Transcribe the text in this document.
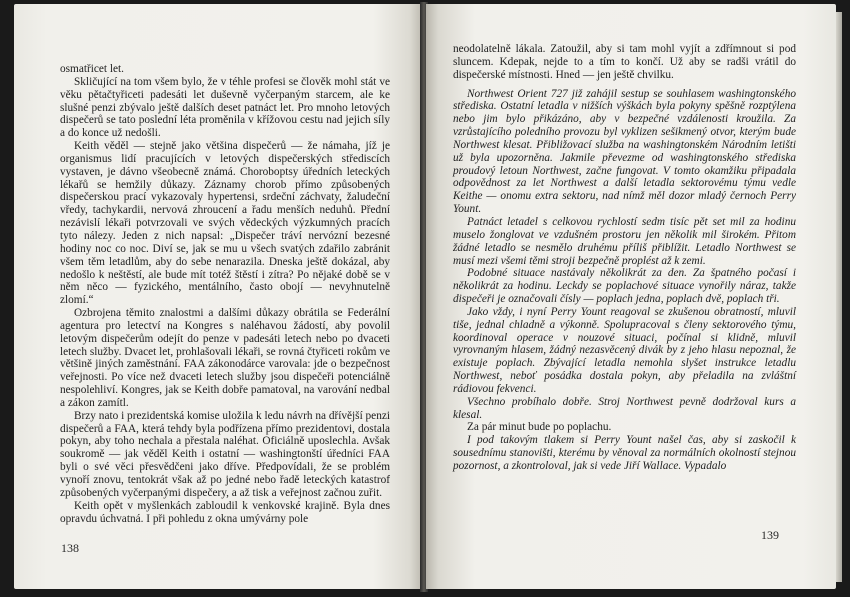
osmatřicet let.

Skličující na tom všem bylo, že v téhle profesi se člověk mohl stát ve věku pětačtyřiceti padesáti let duševně vyčerpaným starcem, ale ke slušné penzi zbývalo ještě dalších deset patnáct let. Pro mnoho letových dispečerů se tato poslední léta proměnila v křížovou cestu nad jejich síly a do konce už nedošli.

Keith věděl — stejně jako většina dispečerů — že námaha, jíž je organismus lidí pracujících v letových dispečerských střediscích vystaven, je dávno všeobecně známá. Choroboptsy úředních leteckých lékařů se hemžily důkazy. Záznamy chorob přímo způsobených dispečerskou prací vykazovaly hypertensi, srdeční záchvaty, žaludeční vředy, tachykardii, nervová zhroucení a řadu menších neduhů. Přední nezávislí lékaři potvrzovali ve svých vědeckých výzkumných pracích tyto nálezy. Jeden z nich napsal: „Dispečer tráví nervózní bezesné hodiny noc co noc. Diví se, jak se mu u všech svatých zdařilo zabránit všem těm letadlům, aby do sebe nenarazila. Dneska ještě dokázal, aby nedošlo k neštěstí, ale bude mít totéž štěstí i zítra? Po nějaké době se v něm něco — fyzického, mentálního, často obojí — nevyhnutelně zlomí.“

Ozbrojena těmito znalostmi a dalšími důkazy obrátila se Federální agentura pro letectví na Kongres s naléhavou žádostí, aby povolil letovým dispečerům odejít do penze v padesáti letech nebo po dvaceti letech služby. Dvacet let, prohlašovali lékaři, se rovná čtyřiceti rokům ve většině jiných zaměstnání. FAA zákonodárce varovala: jde o bezpečnost veřejnosti. Po více než dvaceti letech služby jsou dispečeři potenciálně nespolehliví. Kongres, jak se Keith dobře pamatoval, na varování nedbal a zákon zamítl.

Brzy nato i prezidentská komise uložila k ledu návrh na dřívější penzi dispečerů a FAA, která tehdy byla podřízena přímo prezidentovi, dostala pokyn, aby toho nechala a přestala naléhat. Oficiálně uposlechla. Avšak soukromě — jak věděl Keith i ostatní — washingtonští úředníci FAA byli o své věci přesvědčeni jako dříve. Předpovídali, že se problém vynoří znovu, tentokrát však až po jedné nebo řadě leteckých katastrof způsobených vyčerpanými dispečery, a až tisk a veřejnost začnou zuřit.

Keith opět v myšlenkách zabloudil k venkovské krajině. Byla dnes opravdu úchvatná. I při pohledu z okna umývárny pole

138

neodolatelně lákala. Zatoužil, aby si tam mohl vyjít a zdřímnout si pod sluncem. Kdepak, nejde to a tím to končí. Už aby se radši vrátil do dispečerské místnosti. Hned — jen ještě chvilku.

Northwest Orient 727 již zahájil sestup se souhlasem washingtonského střediska. Ostatní letadla v nižších výškách byla pokyny spěšně rozptýlena nebo jim bylo přikázáno, aby v bezpečné vzdálenosti kroužila. Za vzrůstajícího poledního provozu byl vyklizen sešikmený otvor, kterým bude Northwest klesat. Přibližovací služba na washingtonském Národním letišti už byla upozorněna. Jakmile převezme od washingtonského střediska proudový letoun Northwest, začne fungovat. V tomto okamžiku připadala odpovědnost za let Northwest a další letadla sektorovému týmu vedle Keithe — onomu extra sektoru, nad nímž měl dozor mladý černoch Perry Yount.

Patnáct letadel s celkovou rychlostí sedm tisíc pět set mil za hodinu muselo žonglovat ve vzdušném prostoru jen několik mil širokém. Přitom žádné letadlo se nesmělo druhému příliš přiblížit. Letadlo Northwest se musí mezi všemi těmi stroji bezpečně proplést až k zemi.

Podobné situace nastávaly několikrát za den. Za špatného počasí i několikrát za hodinu. Leckdy se poplachové situace vynořily náraz, takže dispečeři je označovali čísly — poplach jedna, poplach dvě, poplach tři.

Jako vždy, i nyní Perry Yount reagoval se zkušenou obratností, mluvil tiše, jednal chladně a výkonně. Spolupracoval s členy sektorového týmu, koordinoval operace v nouzové situaci, počínal si klidně, mluvil vyrovnaným hlasem, žádný nezasvěcený divák by z jeho hlasu nepoznal, že existuje poplach. Zbývající letadla nemohla slyšet instrukce letadlu Northwest, neboť posádka dostala pokyn, aby přeladila na zvláštní rádiovou fekvenci.

Všechno probíhalo dobře. Stroj Northwest pevně dodržoval kurs a klesal.

Za pár minut bude po poplachu.

I pod takovým tlakem si Perry Yount našel čas, aby si zaskočil k sousednímu stanovišti, kterému by věnoval za normálních okolností stejnou pozornost, a zkontroloval, jak si vede Jiří Wallace. Vypadalo

139
